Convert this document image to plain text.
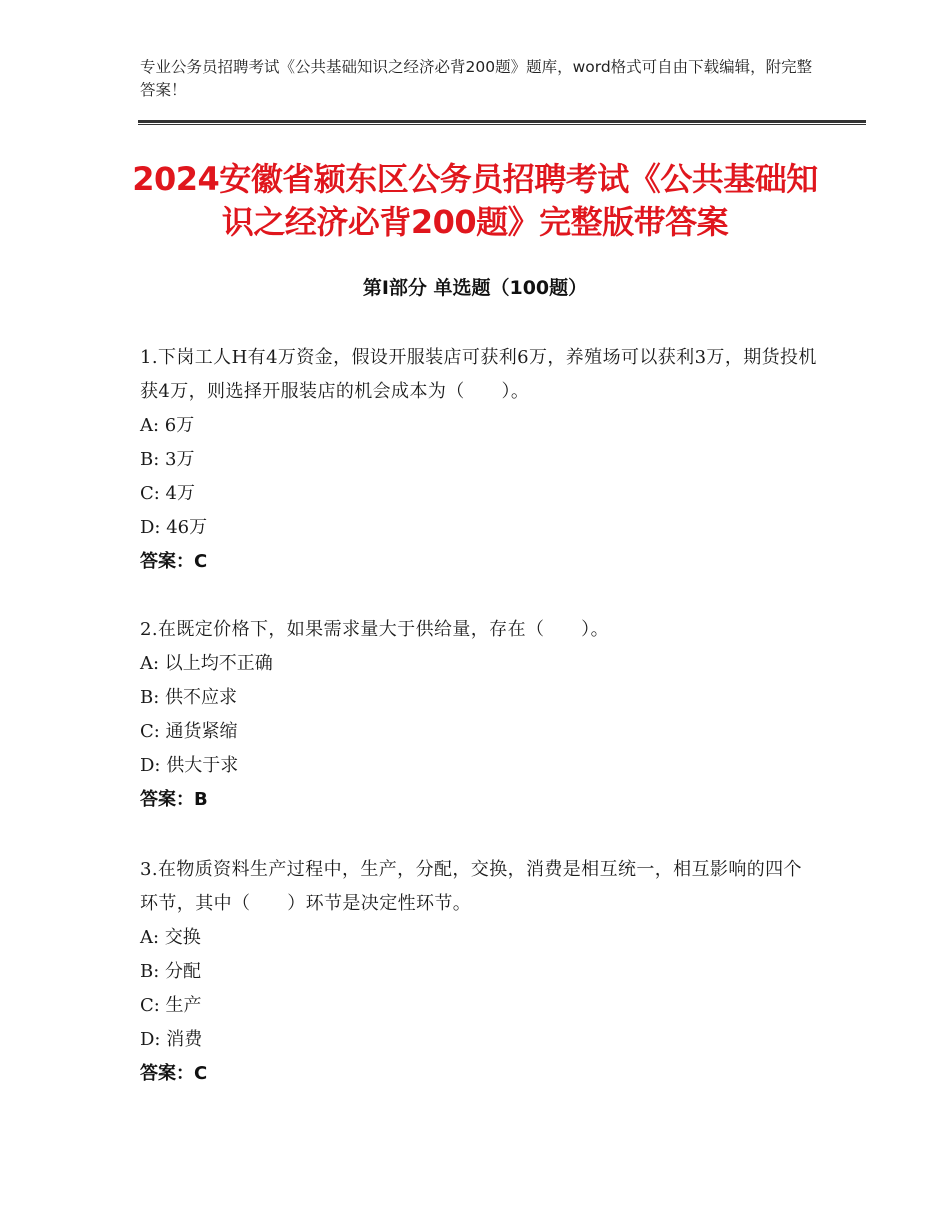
专业公务员招聘考试《公共基础知识之经济必背200题》题库，word格式可自由下载编辑，附完整答案！
2024安徽省颍东区公务员招聘考试《公共基础知识之经济必背200题》完整版带答案
第Ⅰ部分 单选题（100题）

1.下岗工人H有4万资金，假设开服装店可获利6万，养殖场可以获利3万，期货投机获4万，则选择开服装店的机会成本为（　　）。

A: 6万

B: 3万

C: 4万

D: 46万

答案：C

2.在既定价格下，如果需求量大于供给量，存在（　　）。

A: 以上均不正确

B: 供不应求

C: 通货紧缩

D: 供大于求

答案：B

3.在物质资料生产过程中，生产，分配，交换，消费是相互统一，相互影响的四个环节，其中（　　）环节是决定性环节。

A: 交换

B: 分配

C: 生产

D: 消费

答案：C
